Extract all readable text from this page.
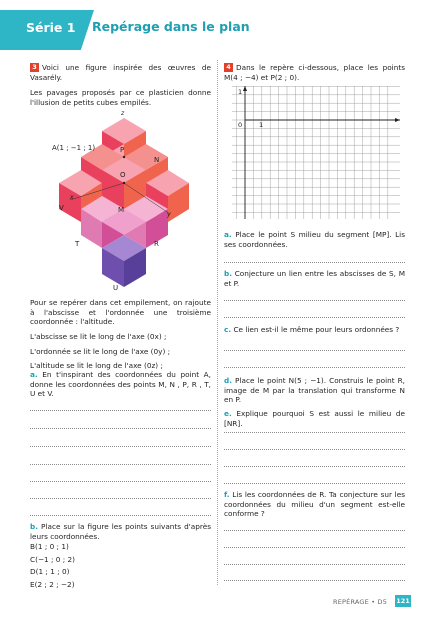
Série 1 Repérage dans le plan

3 Voici une figure inspirée des œuvres de Vasarély.

Les pavages proposés par ce plasticien donne l'illusion de petits cubes empilés.

A(1 ; −1 ; 1)	P
N
O
V	M
T	R
U
x
y
z

Pour se repérer dans cet empilement, on rajoute à l'abscisse et l'ordonnée une troisième coordonnée : l'altitude.

L'abscisse se lit le long de l'axe (0x) ;

L'ordonnée se lit le long de l'axe (0y) ;

L'altitude se lit le long de l'axe (0z) ;

a. En t'inspirant des coordonnées du point A, donne les coordonnées des points M, N , P, R , T, U et V.
b. Place sur la figure les points suivants d'après leurs coordonnées.

B(1 ; 0 ; 1)

C(−1 ; 0 ; 2)

D(1 ; 1 ; 0)

E(2 ; 2 ; −2)

4 Dans le repère ci-dessous, place les points M(4 ; −4) et P(2 ; 0).
1
0	1
a. Place le point S milieu du segment [MP]. Lis ses coordonnées.
b. Conjecture un lien entre les abscisses de S, M et P.
c. Ce lien est-il le même pour leurs ordonnées ?
d. Place le point N(5 ; −1). Construis le point R, image de M par la translation qui transforme N en P.
e. Explique pourquoi S est aussi le milieu de [NR].
f. Lis les coordonnées de R. Ta conjecture sur les coordonnées du milieu d'un segment est-elle conforme ?
REPÉRAGE • D5 121
